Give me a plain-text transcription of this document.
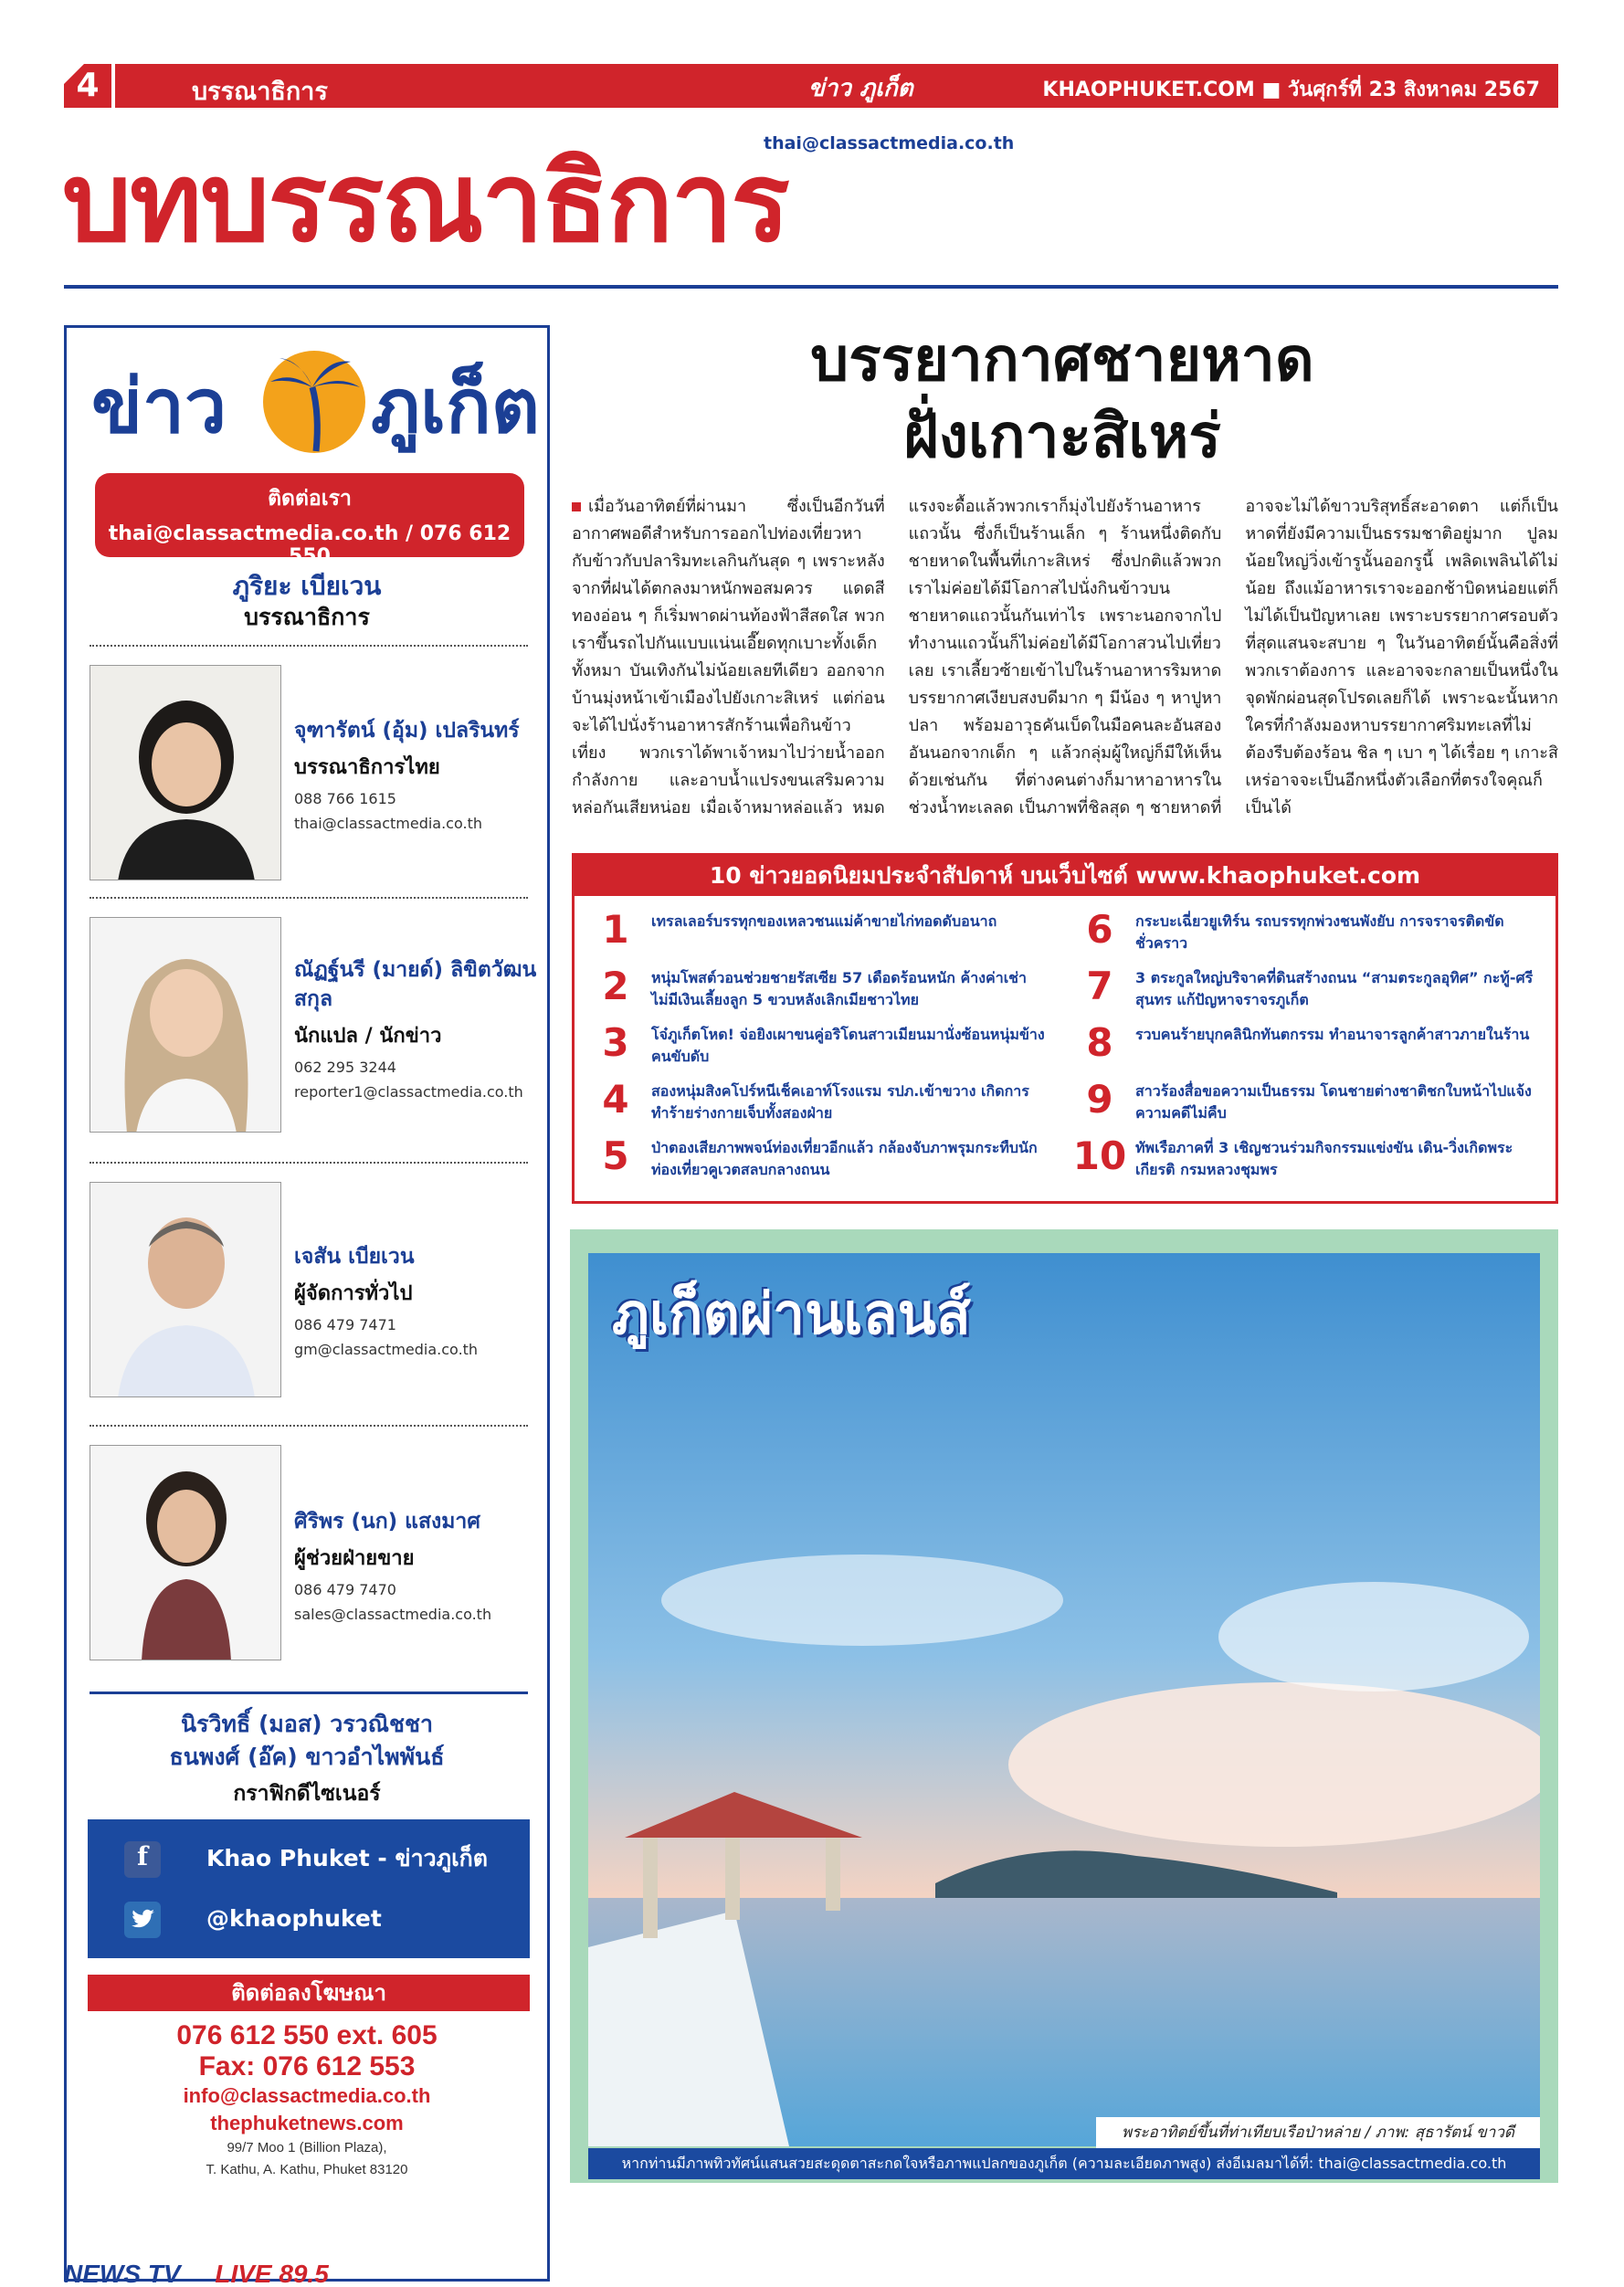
4	บรรณาธิการ	ข่าว ภูเก็ต	KHAOPHUKET.COM ■ วันศุกร์ที่ 23 สิงหาคม 2567
thai@classactmedia.co.th
บทบรรณาธิการ
ข่าว ภูเก็ต
ติดต่อเรา
thai@classactmedia.co.th / 076 612 550
ภูริยะ เบียเวน
บรรณาธิการ
จุฑารัตน์ (อุ้ม) เปลรินทร์
บรรณาธิการไทย
088 766 1615
thai@classactmedia.co.th
ณัฏฐ์นรี (มายด์) ลิขิตวัฒนสกุล
นักแปล / นักข่าว
062 295 3244
reporter1@classactmedia.co.th
เจสัน เบียเวน
ผู้จัดการทั่วไป
086 479 7471
gm@classactmedia.co.th
ศิริพร (นก) แสงมาศ
ผู้ช่วยฝ่ายขาย
086 479 7470
sales@classactmedia.co.th
นิรวิทธิ์ (มอส) วรวณิชชา
ธนพงศ์ (อ๊ค) ขาวอำไพพันธ์
กราฟิกดีไซเนอร์
f	Khao Phuket - ข่าวภูเก็ต
@khaophuket
ติดต่อลงโฆษณา
076 612 550 ext. 605
Fax: 076 612 553
info@classactmedia.co.th
thephuketnews.com
99/7 Moo 1 (Billion Plaza),
T. Kathu, A. Kathu, Phuket 83120
NEWS TV LIVE 89.5
บรรยากาศชายหาด
ฝั่งเกาะสิเหร่
เมื่อวันอาทิตย์ที่ผ่านมา ซึ่งเป็นอีกวันที่อากาศพอดีสำหรับการออกไปท่องเที่ยวหากับข้าวกับปลาริมทะเลกินกันสุด ๆ เพราะหลังจากที่ฝนได้ตกลงมาหนักพอสมควร แดดสีทองอ่อน ๆ ก็เริ่มพาดผ่านท้องฟ้าสีสดใส พวกเราขึ้นรถไปกันแบบแน่นเอี๊ยดทุกเบาะทั้งเด็ก ทั้งหมา บันเทิงกันไม่น้อยเลยทีเดียว ออกจากบ้านมุ่งหน้าเข้าเมืองไปยังเกาะสิเหร่ แต่ก่อนจะได้ไปนั่งร้านอาหารสักร้านเพื่อกินข้าวเที่ยง พวกเราได้พาเจ้าหมาไปว่ายน้ำออกกำลังกาย และอาบน้ำแปรงขนเสริมความหล่อกันเสียหน่อย เมื่อเจ้าหมาหล่อแล้ว หมดแรงจะดื้อแล้วพวกเราก็มุ่งไปยังร้านอาหารแถวนั้น ซึ่งก็เป็นร้านเล็ก ๆ ร้านหนึ่งติดกับชายหาดในพื้นที่เกาะสิเหร่ ซึ่งปกติแล้วพวกเราไม่ค่อยได้มีโอกาสไปนั่งกินข้าวบนชายหาดแถวนั้นกันเท่าไร เพราะนอกจากไปทำงานแถวนั้นก็ไม่ค่อยได้มีโอกาสวนไปเที่ยวเลย เราเลี้ยวซ้ายเข้าไปในร้านอาหารริมหาด บรรยากาศเงียบสงบดีมาก ๆ มีน้อง ๆ หาปูหาปลา พร้อมอาวุธคันเบ็ดในมือคนละอันสองอันนอกจากเด็ก ๆ แล้วกลุ่มผู้ใหญ่ก็มีให้เห็นด้วยเช่นกัน ที่ต่างคนต่างก็มาหาอาหารในช่วงน้ำทะเลลด เป็นภาพที่ชิลสุด ๆ ชายหาดที่อาจจะไม่ได้ขาวบริสุทธิ์สะอาดตา แต่ก็เป็นหาดที่ยังมีความเป็นธรรมชาติอยู่มาก ปูลมน้อยใหญ่วิ่งเข้ารูนั้นออกรูนี้ เพลิดเพลินได้ไม่น้อย ถึงแม้อาหารเราจะออกช้าบิดหน่อยแต่ก็ไม่ได้เป็นปัญหาเลย เพราะบรรยากาศรอบตัวที่สุดแสนจะสบาย ๆ ในวันอาทิตย์นั้นคือสิ่งที่พวกเราต้องการ และอาจจะกลายเป็นหนึ่งในจุดพักผ่อนสุดโปรดเลยก็ได้ เพราะฉะนั้นหากใครที่กำลังมองหาบรรยากาศริมทะเลที่ไม่ต้องรีบต้องร้อน ชิล ๆ เบา ๆ ได้เรื่อย ๆ เกาะสิเหร่อาจจะเป็นอีกหนึ่งตัวเลือกที่ตรงใจคุณก็เป็นได้
10 ข่าวยอดนิยมประจำสัปดาห์ บนเว็บไซต์ www.khaophuket.com
1	เทรลเลอร์บรรทุกของเหลวชนแม่ค้าขายไก่ทอดดับอนาถ
2	หนุ่มโพสต์วอนช่วยชายรัสเซีย 57 เดือดร้อนหนัก ค้างค่าเช่าไม่มีเงินเลี้ยงลูก 5 ขวบหลังเลิกเมียชาวไทย
3	โจ๋ภูเก็ตโหด! จ่อยิงเผาขนคู่อริโดนสาวเมียนมานั่งซ้อนหนุ่มข้างคนขับดับ
4	สองหนุ่มสิงคโปร์หนีเช็คเอาท์โรงแรม รปภ.เข้าขวาง เกิดการทำร้ายร่างกายเจ็บทั้งสองฝ่าย
5	ป่าตองเสียภาพพจน์ท่องเที่ยวอีกแล้ว กล้องจับภาพรุมกระทืบนักท่องเที่ยวคูเวตสลบกลางถนน
6	กระบะเฉี่ยวยูเทิร์น รถบรรทุกพ่วงชนพังยับ การจราจรติดขัดชั่วคราว
7	3 ตระกูลใหญ่บริจาคที่ดินสร้างถนน “สามตระกูลอุทิศ” กะทู้-ศรีสุนทร แก้ปัญหาจราจรภูเก็ต
8	รวบคนร้ายบุกคลินิกทันตกรรม ทำอนาจารลูกค้าสาวภายในร้าน
9	สาวร้องสื่อขอความเป็นธรรม โดนชายต่างชาติชกใบหน้าไปแจ้งความคดีไม่คืบ
10 ทัพเรือภาคที่ 3 เชิญชวนร่วมกิจกรรมแข่งขัน เดิน-วิ่งเกิดพระเกียรติ กรมหลวงชุมพร
ภูเก็ตผ่านเลนส์
พระอาทิตย์ขึ้นที่ท่าเทียบเรือป่าหล่าย / ภาพ: สุธารัตน์ ขาวดี
หากท่านมีภาพทิวทัศน์แสนสวยสะดุดตาสะกดใจหรือภาพแปลกของภูเก็ต (ความละเอียดภาพสูง) ส่งอีเมลมาได้ที่: thai@classactmedia.co.th
